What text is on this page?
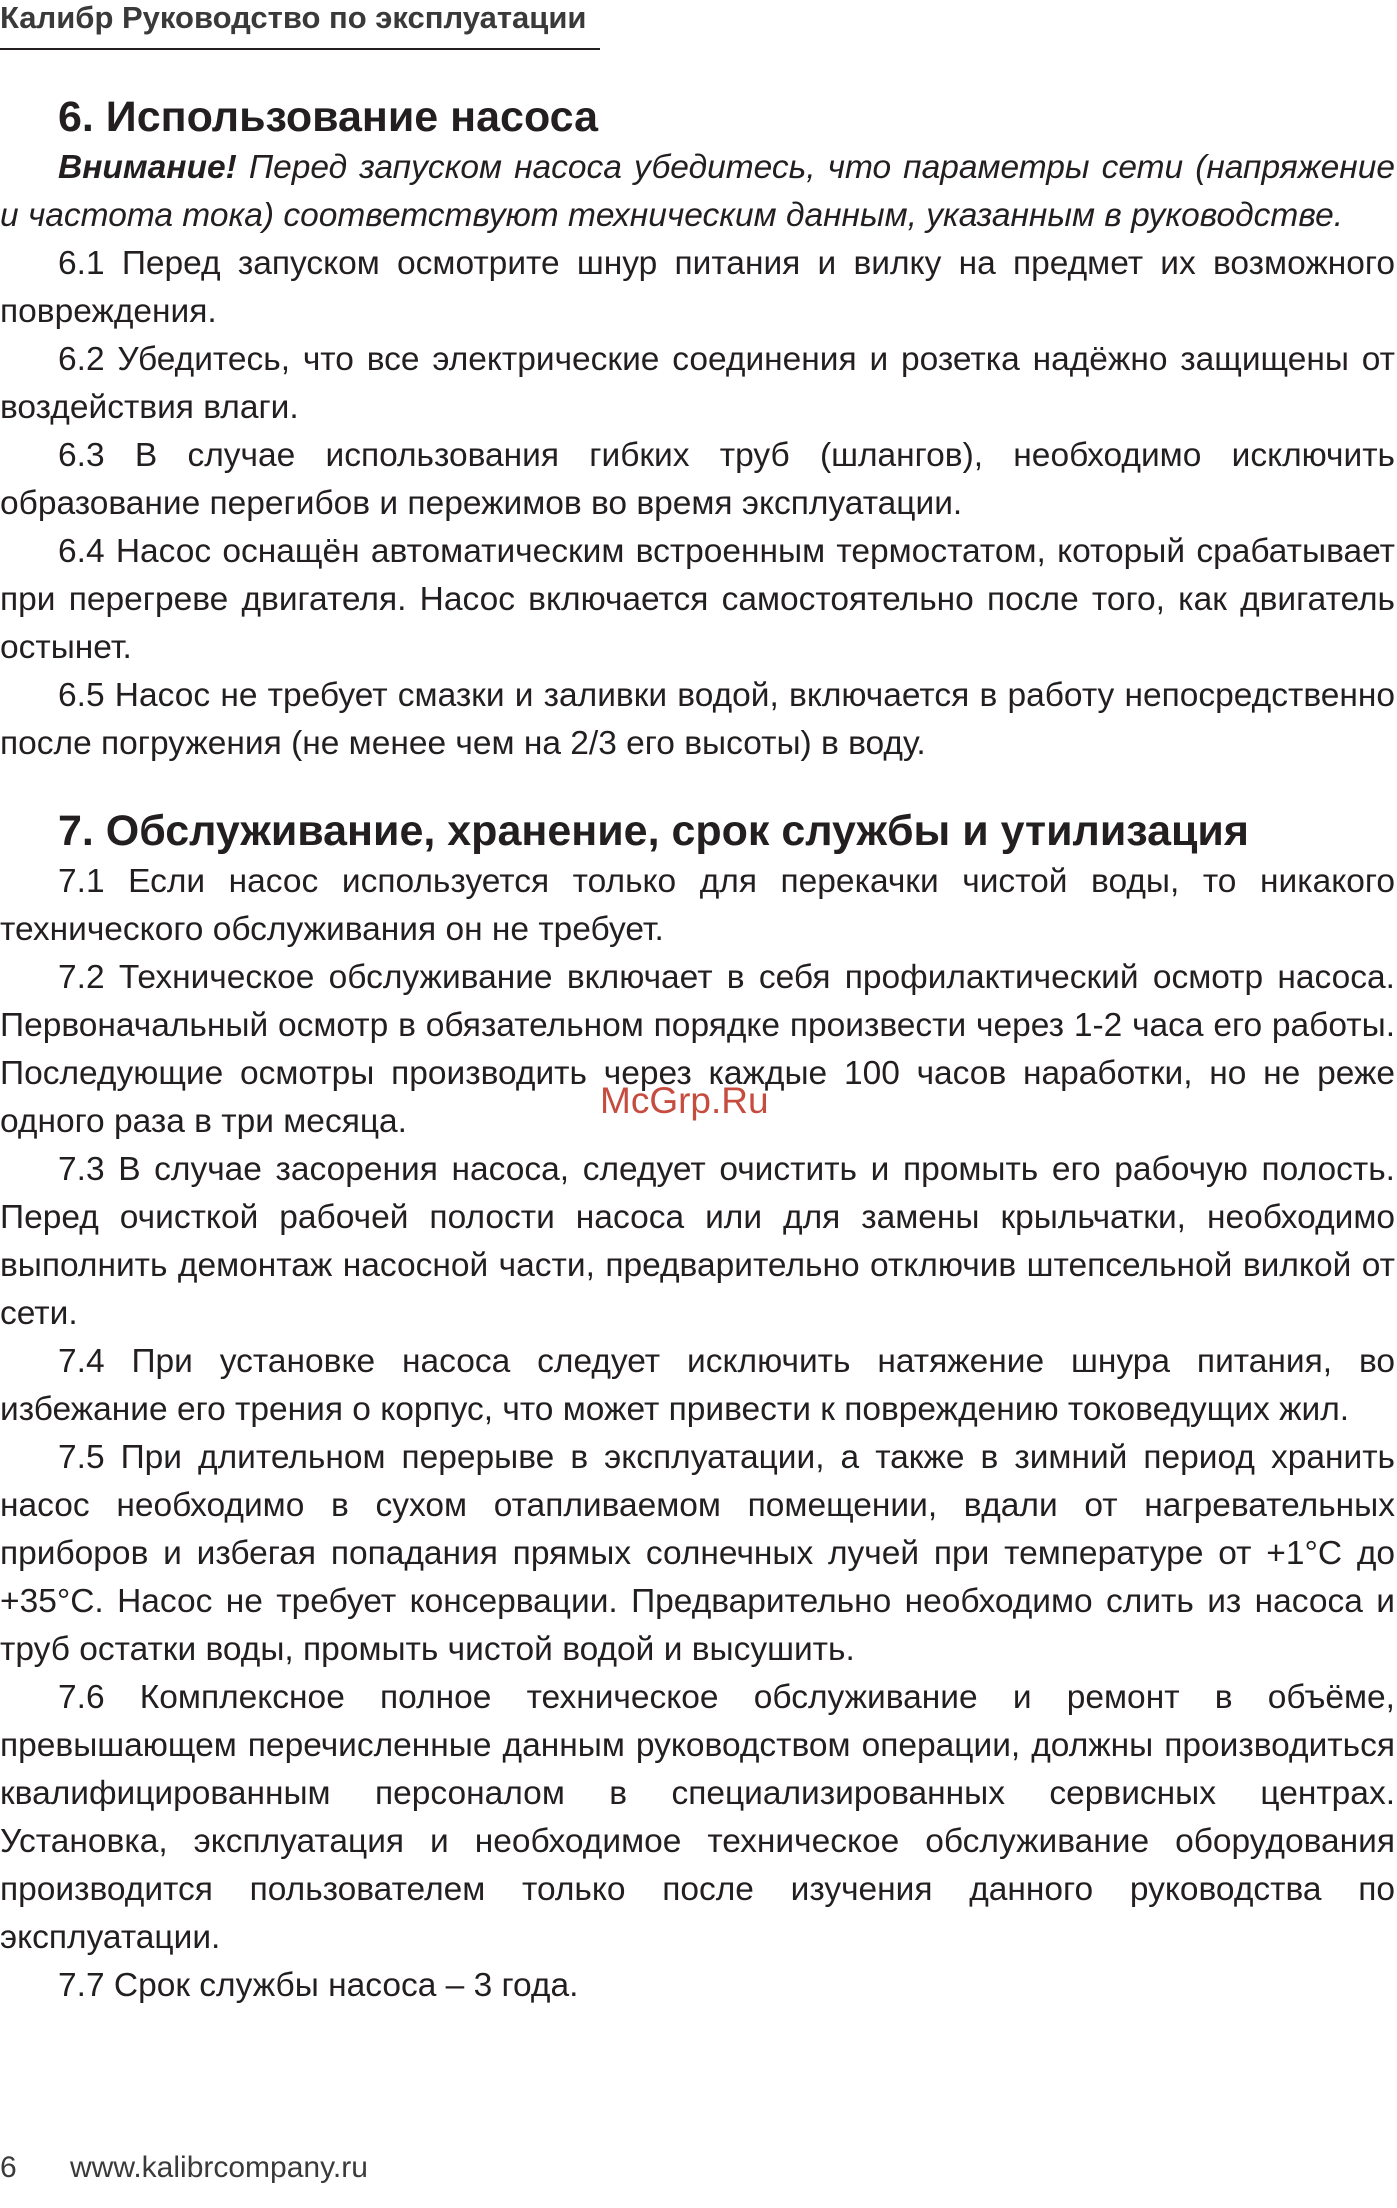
Калибр Руководство по эксплуатации
6. Использование насоса

Внимание! Перед запуском насоса убедитесь, что параметры сети (напряжение и частота тока) соответствуют техническим данным, указанным в руководстве.

6.1 Перед запуском осмотрите шнур питания и вилку на предмет их возможного повреждения.

6.2 Убедитесь, что все электрические соединения и розетка надёжно защищены от воздействия влаги.

6.3 В случае использования гибких труб (шлангов), необходимо исключить образование перегибов и пережимов во время эксплуатации.

6.4 Насос оснащён автоматическим встроенным термостатом, который срабатывает при перегреве двигателя. Насос включается самостоятельно после того, как двигатель остынет.

6.5 Насос не требует смазки и заливки водой, включается в работу непосредственно после погружения (не менее чем на 2/3 его высоты) в воду.

7. Обслуживание, хранение, срок службы и утилизация

7.1 Если насос используется только для перекачки чистой воды, то никакого технического обслуживания он не требует.

7.2 Техническое обслуживание включает в себя профилактический осмотр насоса. Первоначальный осмотр в обязательном порядке произвести через 1-2 часа его работы. Последующие осмотры производить через каждые 100 часов наработки, но не реже одного раза в три месяца.

7.3 В случае засорения насоса, следует очистить и промыть его рабочую полость. Перед очисткой рабочей полости насоса или для замены крыльчатки, необходимо выполнить демонтаж насосной части, предварительно отключив штепсельной вилкой от сети.

7.4 При установке насоса следует исключить натяжение шнура питания, во избежание его трения о корпус, что может привести к повреждению токоведущих жил.

7.5 При длительном перерыве в эксплуатации, а также в зимний период хранить насос необходимо в сухом отапливаемом помещении, вдали от нагревательных приборов и избегая попадания прямых солнечных лучей при температуре от +1°С до +35°С. Насос не требует консервации. Предварительно необходимо слить из насоса и труб остатки воды, промыть чистой водой и высушить.

7.6 Комплексное полное техническое обслуживание и ремонт в объёме, превышающем перечисленные данным руководством операции, должны производиться квалифицированным персоналом в специализированных сервисных центрах. Установка, эксплуатация и необходимое техническое обслуживание оборудования производится пользователем только после изучения данного руководства по эксплуатации.

7.7 Срок службы насоса – 3 года.

McGrp.Ru
6 www.kalibrcompany.ru
